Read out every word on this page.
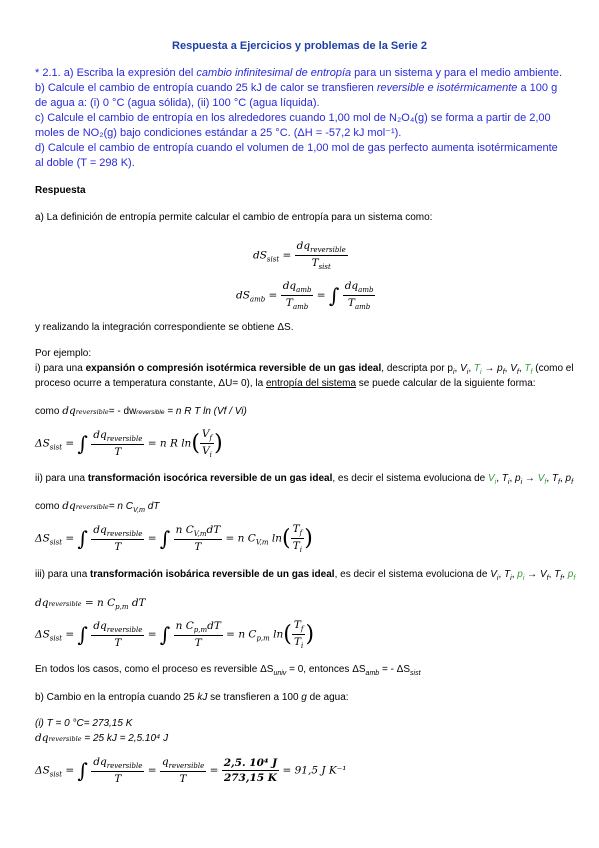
Respuesta a Ejercicios y problemas de la Serie 2
* 2.1. a) Escriba la expresión del cambio infinitesimal de entropía para un sistema y para el medio ambiente.
b) Calcule el cambio de entropía cuando 25 kJ de calor se transfieren reversible e isotérmicamente a 100 g
de agua a: (i) 0 °C (agua sólida), (ii) 100 °C (agua líquida).
c) Calcule el cambio de entropía en los alrededores cuando 1,00 mol de N₂O₄(g) se forma a partir de 2,00
moles de NO₂(g) bajo condiciones estándar a 25 °C. (ΔH = -57,2 kJ mol⁻¹).
d) Calcule el cambio de entropía cuando el volumen de 1,00 mol de gas perfecto aumenta isotérmicamente
al doble (T = 298 K).
Respuesta
a) La definición de entropía permite calcular el cambio de entropía para un sistema como:
$dS_{sist} = \frac{dq_{reversible}}{T_{sist}}$
$dS_{amb} = \frac{dq_{amb}}{T_{amb}}$ = ∫ $\frac{dq_{amb}}{T_{amb}}$
y realizando la integración correspondiente se obtiene ΔS.
Por ejemplo:
i) para una expansión o compresión isotérmica reversible de un gas ideal, descripta por $p_i$, $V_i$, $T_i \to p_f$, $V_f$, $T_f$ (como el
proceso ocurre a temperatura constante, ΔU= 0), la entropía del sistema se puede calcular de la siguiente forma:
como dqreversible= - dwreversible = n R T ln (Vf / Vi)
$\Delta S_{sist}$ = ∫ $\frac{dq_{reversible}}{T} = n$ R $\ln( \frac{V_f}{V_i}$ )
ii) para una transformación isocórica reversible de un gas ideal, es decir el sistema evoluciona de $V_i$, $T_i$, $p_i \to V_f$, $T_f$, $p_f$
como dqreversible= n $C_{V,m}$ dT
$\Delta S_{sist}$ = ∫ $\frac{dq_{reversible}}{T}$ = ∫ $\frac{n C_{V,m}dT}{T} = n$ $C_{V,m}$ $\ln( \frac{T_f}{T_i}$ )
iii) para una transformación isobárica reversible de un gas ideal, es decir el sistema evoluciona de $V_i$, $T_i$, $p_i \to V_f$, $T_f$, $p_f$
dqreversible = n $C_{p,m}$ dT
$\Delta S_{sist}$ = ∫ $\frac{dq_{reversible}}{T}$ = ∫ $\frac{n C_{p,m}dT}{T} = n$ $C_{p,m}$ $\ln( \frac{T_f}{T_i}$ )
En todos los casos, como el proceso es reversible $\Delta S_{univ} = 0$, entonces $\Delta S_{amb}$ = - $\Delta S_{sist}$
b) Cambio en la entropía cuando 25 kJ se transfieren a 100 g de agua:
(i) T = 0 °C= 273,15 K
dqreversible = 25 kJ = 2,5.10⁴ J
$\Delta S_{sist}$ = ∫ $\frac{dq_{reversible}}{T} = \frac{q_{reversible}}{T} = \frac{\text{2,5. 10⁴ J}}{273,15 K} = 91,5$ J K⁻¹
